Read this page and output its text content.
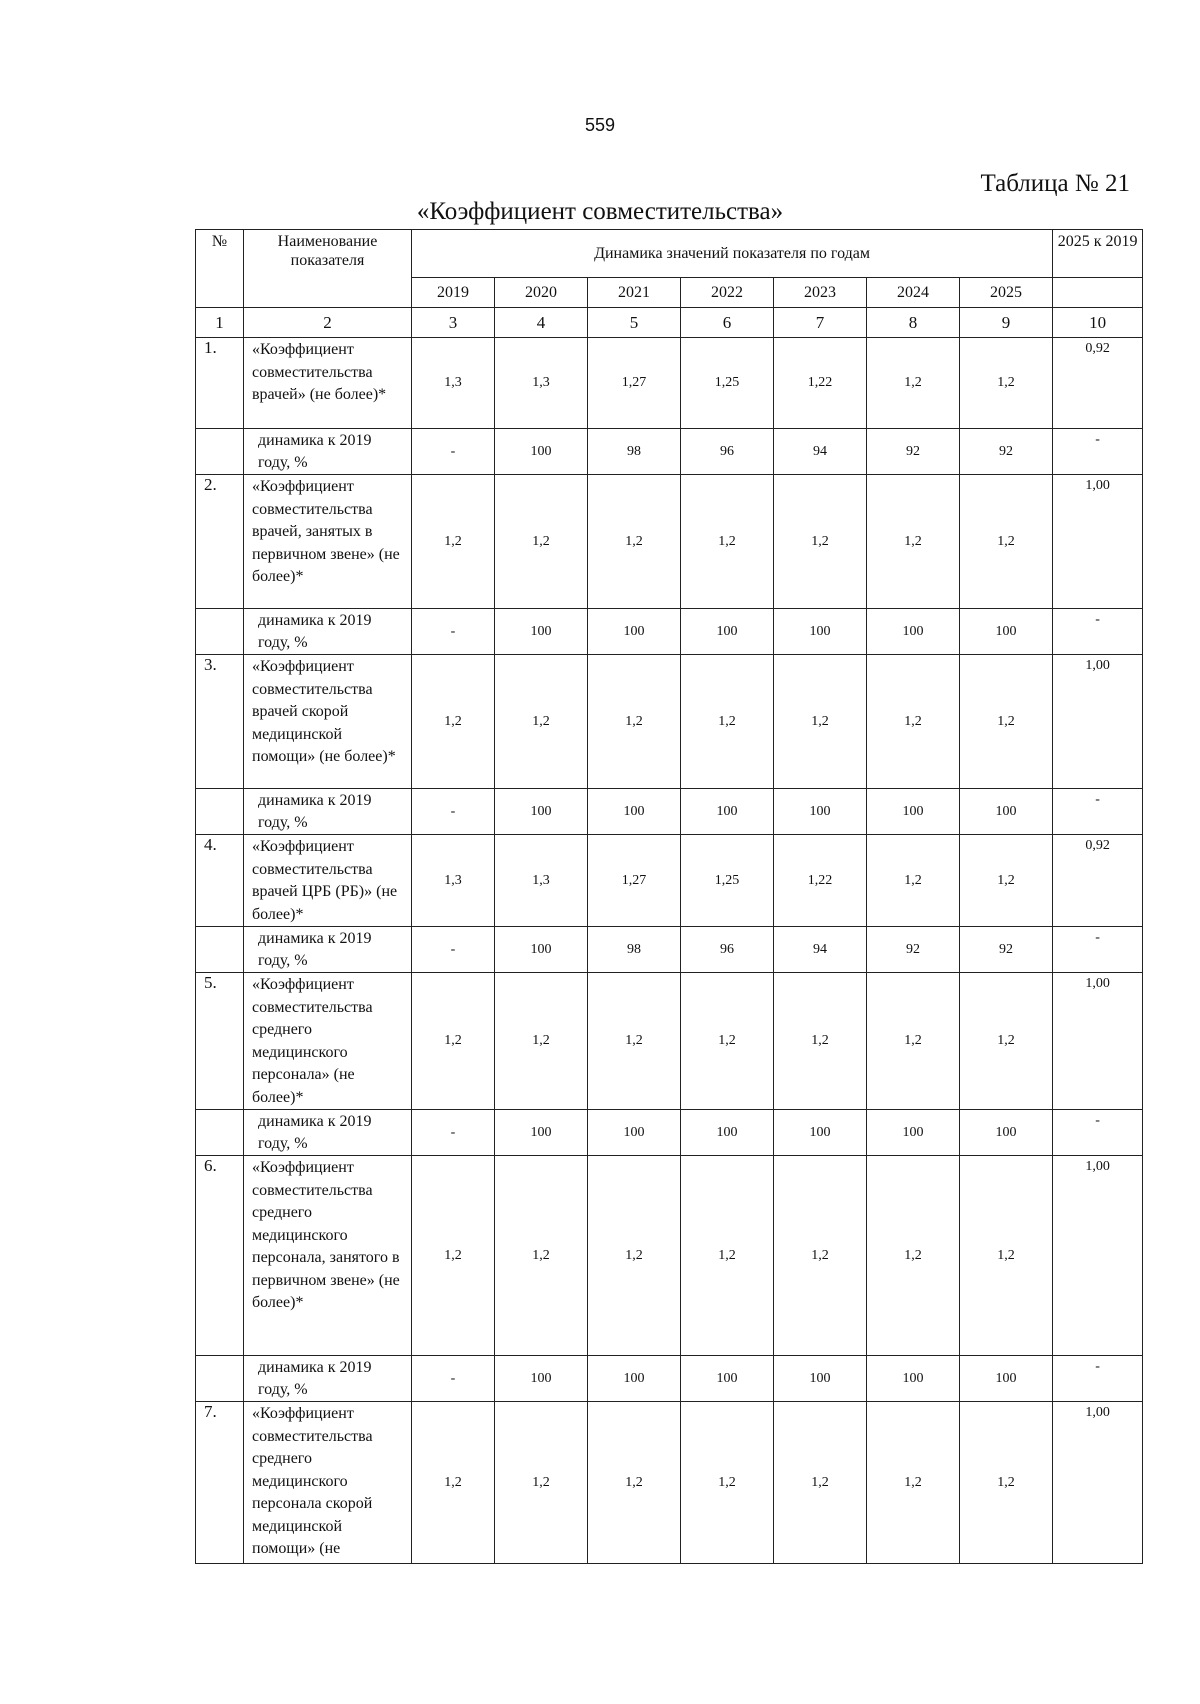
559
Таблица № 21
«Коэффициент совместительства»
№	Наименование показателя	Динамика значений показателя по годам							2025 к 2019
		2019	2020	2021	2022	2023	2024	2025	
1	2	3	4	5	6	7	8	9	10
1.	«Коэффициент совместительства врачей» (не более)*	1,3	1,3	1,27	1,25	1,22	1,2	1,2	0,92
	динамика к 2019 году, %	-	100	98	96	94	92	92	-
2.	«Коэффициент совместительства врачей, занятых в первичном звене» (не более)*	1,2	1,2	1,2	1,2	1,2	1,2	1,2	1,00
	динамика к 2019 году, %	-	100	100	100	100	100	100	-
3.	«Коэффициент совместительства врачей скорой медицинской помощи» (не более)*	1,2	1,2	1,2	1,2	1,2	1,2	1,2	1,00
	динамика к 2019 году, %	-	100	100	100	100	100	100	-
4.	«Коэффициент совместительства врачей ЦРБ (РБ)» (не более)*	1,3	1,3	1,27	1,25	1,22	1,2	1,2	0,92
	динамика к 2019 году, %	-	100	98	96	94	92	92	-
5.	«Коэффициент совместительства среднего медицинского персонала» (не более)*	1,2	1,2	1,2	1,2	1,2	1,2	1,2	1,00
	динамика к 2019 году, %	-	100	100	100	100	100	100	-
6.	«Коэффициент совместительства среднего медицинского персонала, занятого в первичном звене» (не более)*	1,2	1,2	1,2	1,2	1,2	1,2	1,2	1,00
	динамика к 2019 году, %	-	100	100	100	100	100	100	-
7.	«Коэффициент совместительства среднего медицинского персонала скорой медицинской помощи» (не	1,2	1,2	1,2	1,2	1,2	1,2	1,2	1,00
